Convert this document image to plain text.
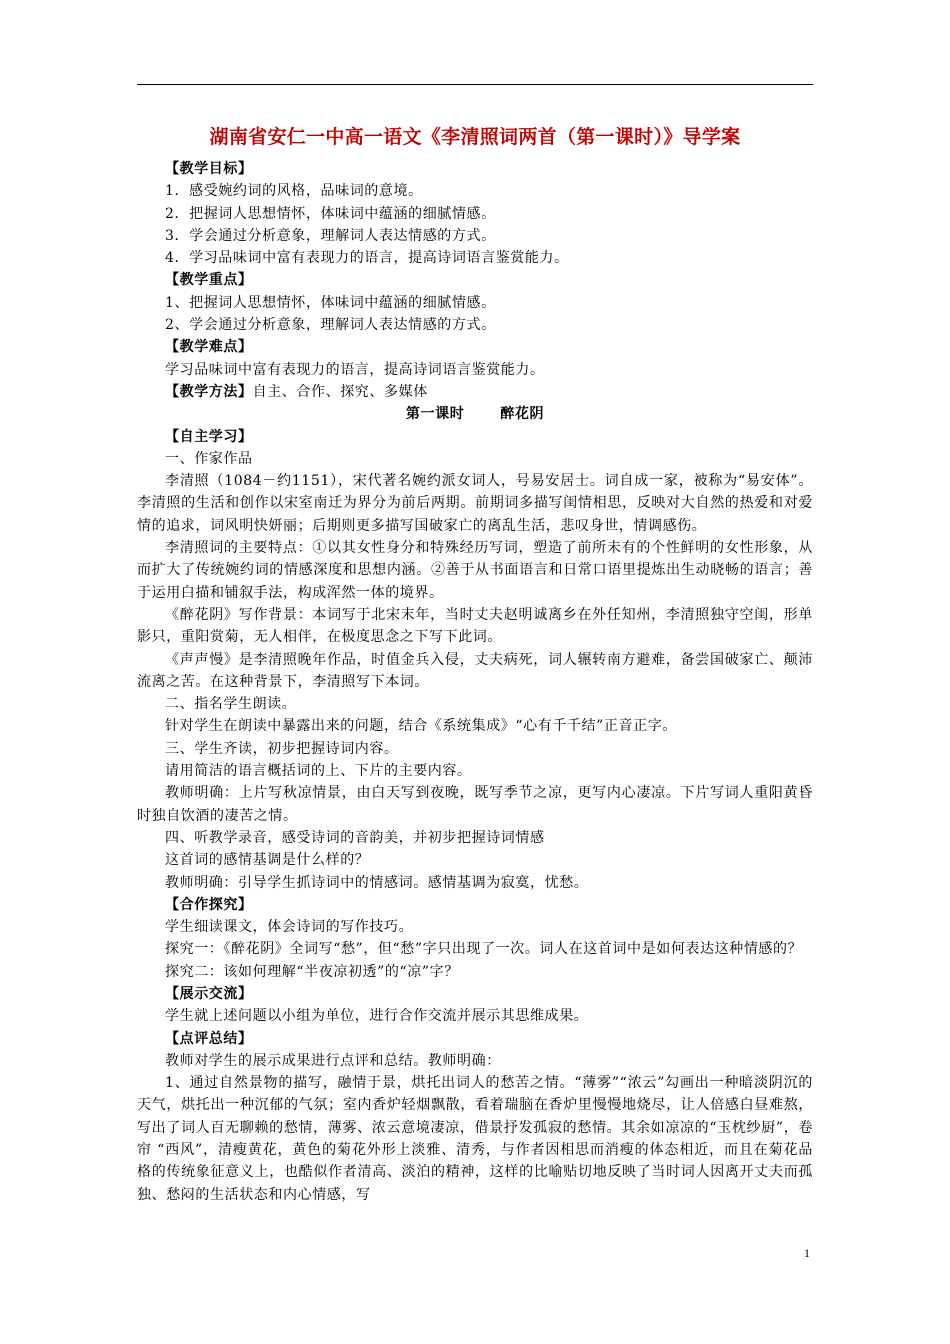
湖南省安仁一中高一语文《李清照词两首（第一课时）》导学案

【教学目标】

1．感受婉约词的风格，品味词的意境。

2．把握词人思想情怀，体味词中蕴涵的细腻情感。

3．学会通过分析意象，理解词人表达情感的方式。

4．学习品味词中富有表现力的语言，提高诗词语言鉴赏能力。

【教学重点】

1、把握词人思想情怀，体味词中蕴涵的细腻情感。

2、学会通过分析意象，理解词人表达情感的方式。

【教学难点】

学习品味词中富有表现力的语言，提高诗词语言鉴赏能力。

【教学方法】自主、合作、探究、多媒体

第一课时	醉花阴

【自主学习】

一、作家作品

李清照（1084－约1151），宋代著名婉约派女词人，号易安居士。词自成一家，被称为“易安体”。李清照的生活和创作以宋室南迁为界分为前后两期。前期词多描写闺情相思，反映对大自然的热爱和对爱情的追求，词风明快妍丽；后期则更多描写国破家亡的离乱生活，悲叹身世，情调感伤。

李清照词的主要特点：①以其女性身分和特殊经历写词，塑造了前所未有的个性鲜明的女性形象，从而扩大了传统婉约词的情感深度和思想内涵。②善于从书面语言和日常口语里提炼出生动晓畅的语言；善于运用白描和铺叙手法，构成浑然一体的境界。

《醉花阴》写作背景：本词写于北宋末年，当时丈夫赵明诚离乡在外任知州，李清照独守空闺，形单影只，重阳赏菊，无人相伴，在极度思念之下写下此词。

《声声慢》是李清照晚年作品，时值金兵入侵，丈夫病死，词人辗转南方避难，备尝国破家亡、颠沛流离之苦。在这种背景下，李清照写下本词。

二、指名学生朗读。

针对学生在朗读中暴露出来的问题，结合《系统集成》“心有千千结”正音正字。

三、学生齐读，初步把握诗词内容。

请用简洁的语言概括词的上、下片的主要内容。

教师明确：上片写秋凉情景，由白天写到夜晚，既写季节之凉，更写内心凄凉。下片写词人重阳黄昏时独自饮酒的凄苦之情。

四、听教学录音，感受诗词的音韵美，并初步把握诗词情感

这首词的感情基调是什么样的？

教师明确：引导学生抓诗词中的情感词。感情基调为寂寞，忧愁。

【合作探究】

学生细读课文，体会诗词的写作技巧。

探究一：《醉花阴》全词写“愁”，但“愁”字只出现了一次。词人在这首词中是如何表达这种情感的？

探究二：该如何理解“半夜凉初透”的“凉”字？

【展示交流】

学生就上述问题以小组为单位，进行合作交流并展示其思维成果。

【点评总结】

教师对学生的展示成果进行点评和总结。教师明确：

1、通过自然景物的描写，融情于景，烘托出词人的愁苦之情。“薄雾”“浓云”勾画出一种暗淡阴沉的天气，烘托出一种沉郁的气氛；室内香炉轻烟飘散，看着瑞脑在香炉里慢慢地烧尽，让人倍感白昼难熬，写出了词人百无聊赖的愁情，薄雾、浓云意境凄凉，借景抒发孤寂的愁情。其余如凉凉的“玉枕纱厨”，卷帘 “西风”，清瘦黄花，黄色的菊花外形上淡雅、清秀，与作者因相思而消瘦的体态相近，而且在菊花品格的传统象征意义上，也酷似作者清高、淡泊的精神，这样的比喻贴切地反映了当时词人因离开丈夫而孤独、愁闷的生活状态和内心情感，写

1
